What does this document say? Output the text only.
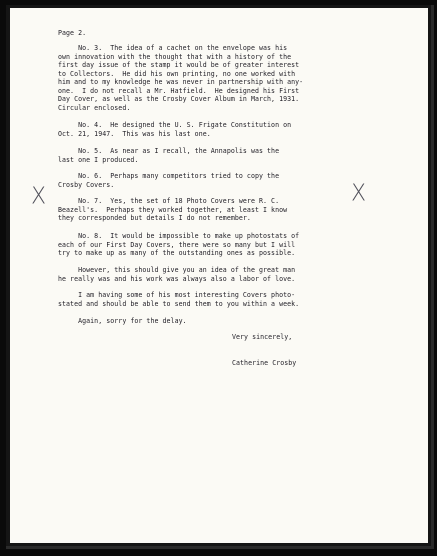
Page 2.
No. 3.  The idea of a cachet on the envelope was his
own innovation with the thought that with a history of the
first day issue of the stamp it would be of greater interest
to Collectors.  He did his own printing, no one worked with
him and to my knowledge he was never in partnership with any-
one.  I do not recall a Mr. Hatfield.  He designed his First
Day Cover, as well as the Crosby Cover Album in March, 1931.
Circular enclosed.
No. 4.  He designed the U. S. Frigate Constitution on
Oct. 21, 1947.  This was his last one.
No. 5.  As near as I recall, the Annapolis was the
last one I produced.
No. 6.  Perhaps many competitors tried to copy the
Crosby Covers.
No. 7.  Yes, the set of 18 Photo Covers were R. C.
Beazell's.  Perhaps they worked together, at least I know
they corresponded but details I do not remember.
No. 8.  It would be impossible to make up photostats of
each of our First Day Covers, there were so many but I will
try to make up as many of the outstanding ones as possible.
However, this should give you an idea of the great man
he really was and his work was always also a labor of love.
I am having some of his most interesting Covers photo-
stated and should be able to send them to you within a week.
Again, sorry for the delay.
Very sincerely,
Catherine Crosby
X	X
